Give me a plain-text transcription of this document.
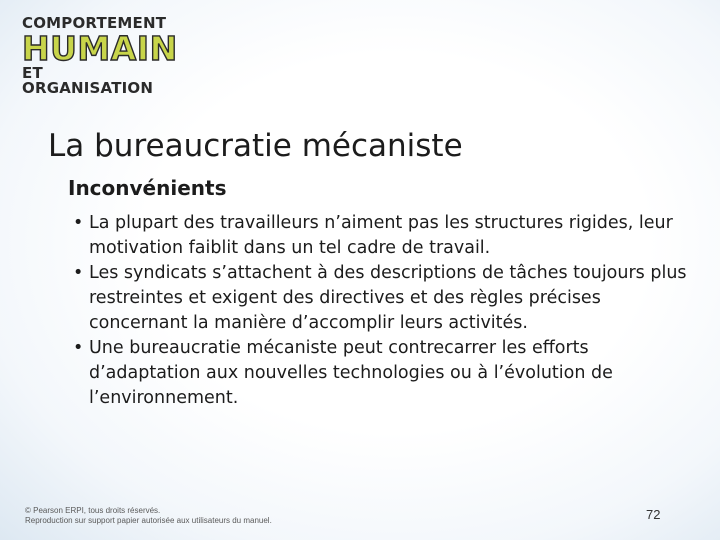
COMPORTEMENT
HUMAIN
ET ORGANISATION
La bureaucratie mécaniste
Inconvénients
• La plupart des travailleurs n’aiment pas les structures rigides, leur motivation faiblit dans un tel cadre de travail.
• Les syndicats s’attachent à des descriptions de tâches toujours plus restreintes et exigent des directives et des règles précises concernant la manière d’accomplir leurs activités.
• Une bureaucratie mécaniste peut contrecarrer les efforts d’adaptation aux nouvelles technologies ou à l’évolution de l’environnement.
© Pearson ERPI, tous droits réservés.
Reproduction sur support papier autorisée aux utilisateurs du manuel.	72
